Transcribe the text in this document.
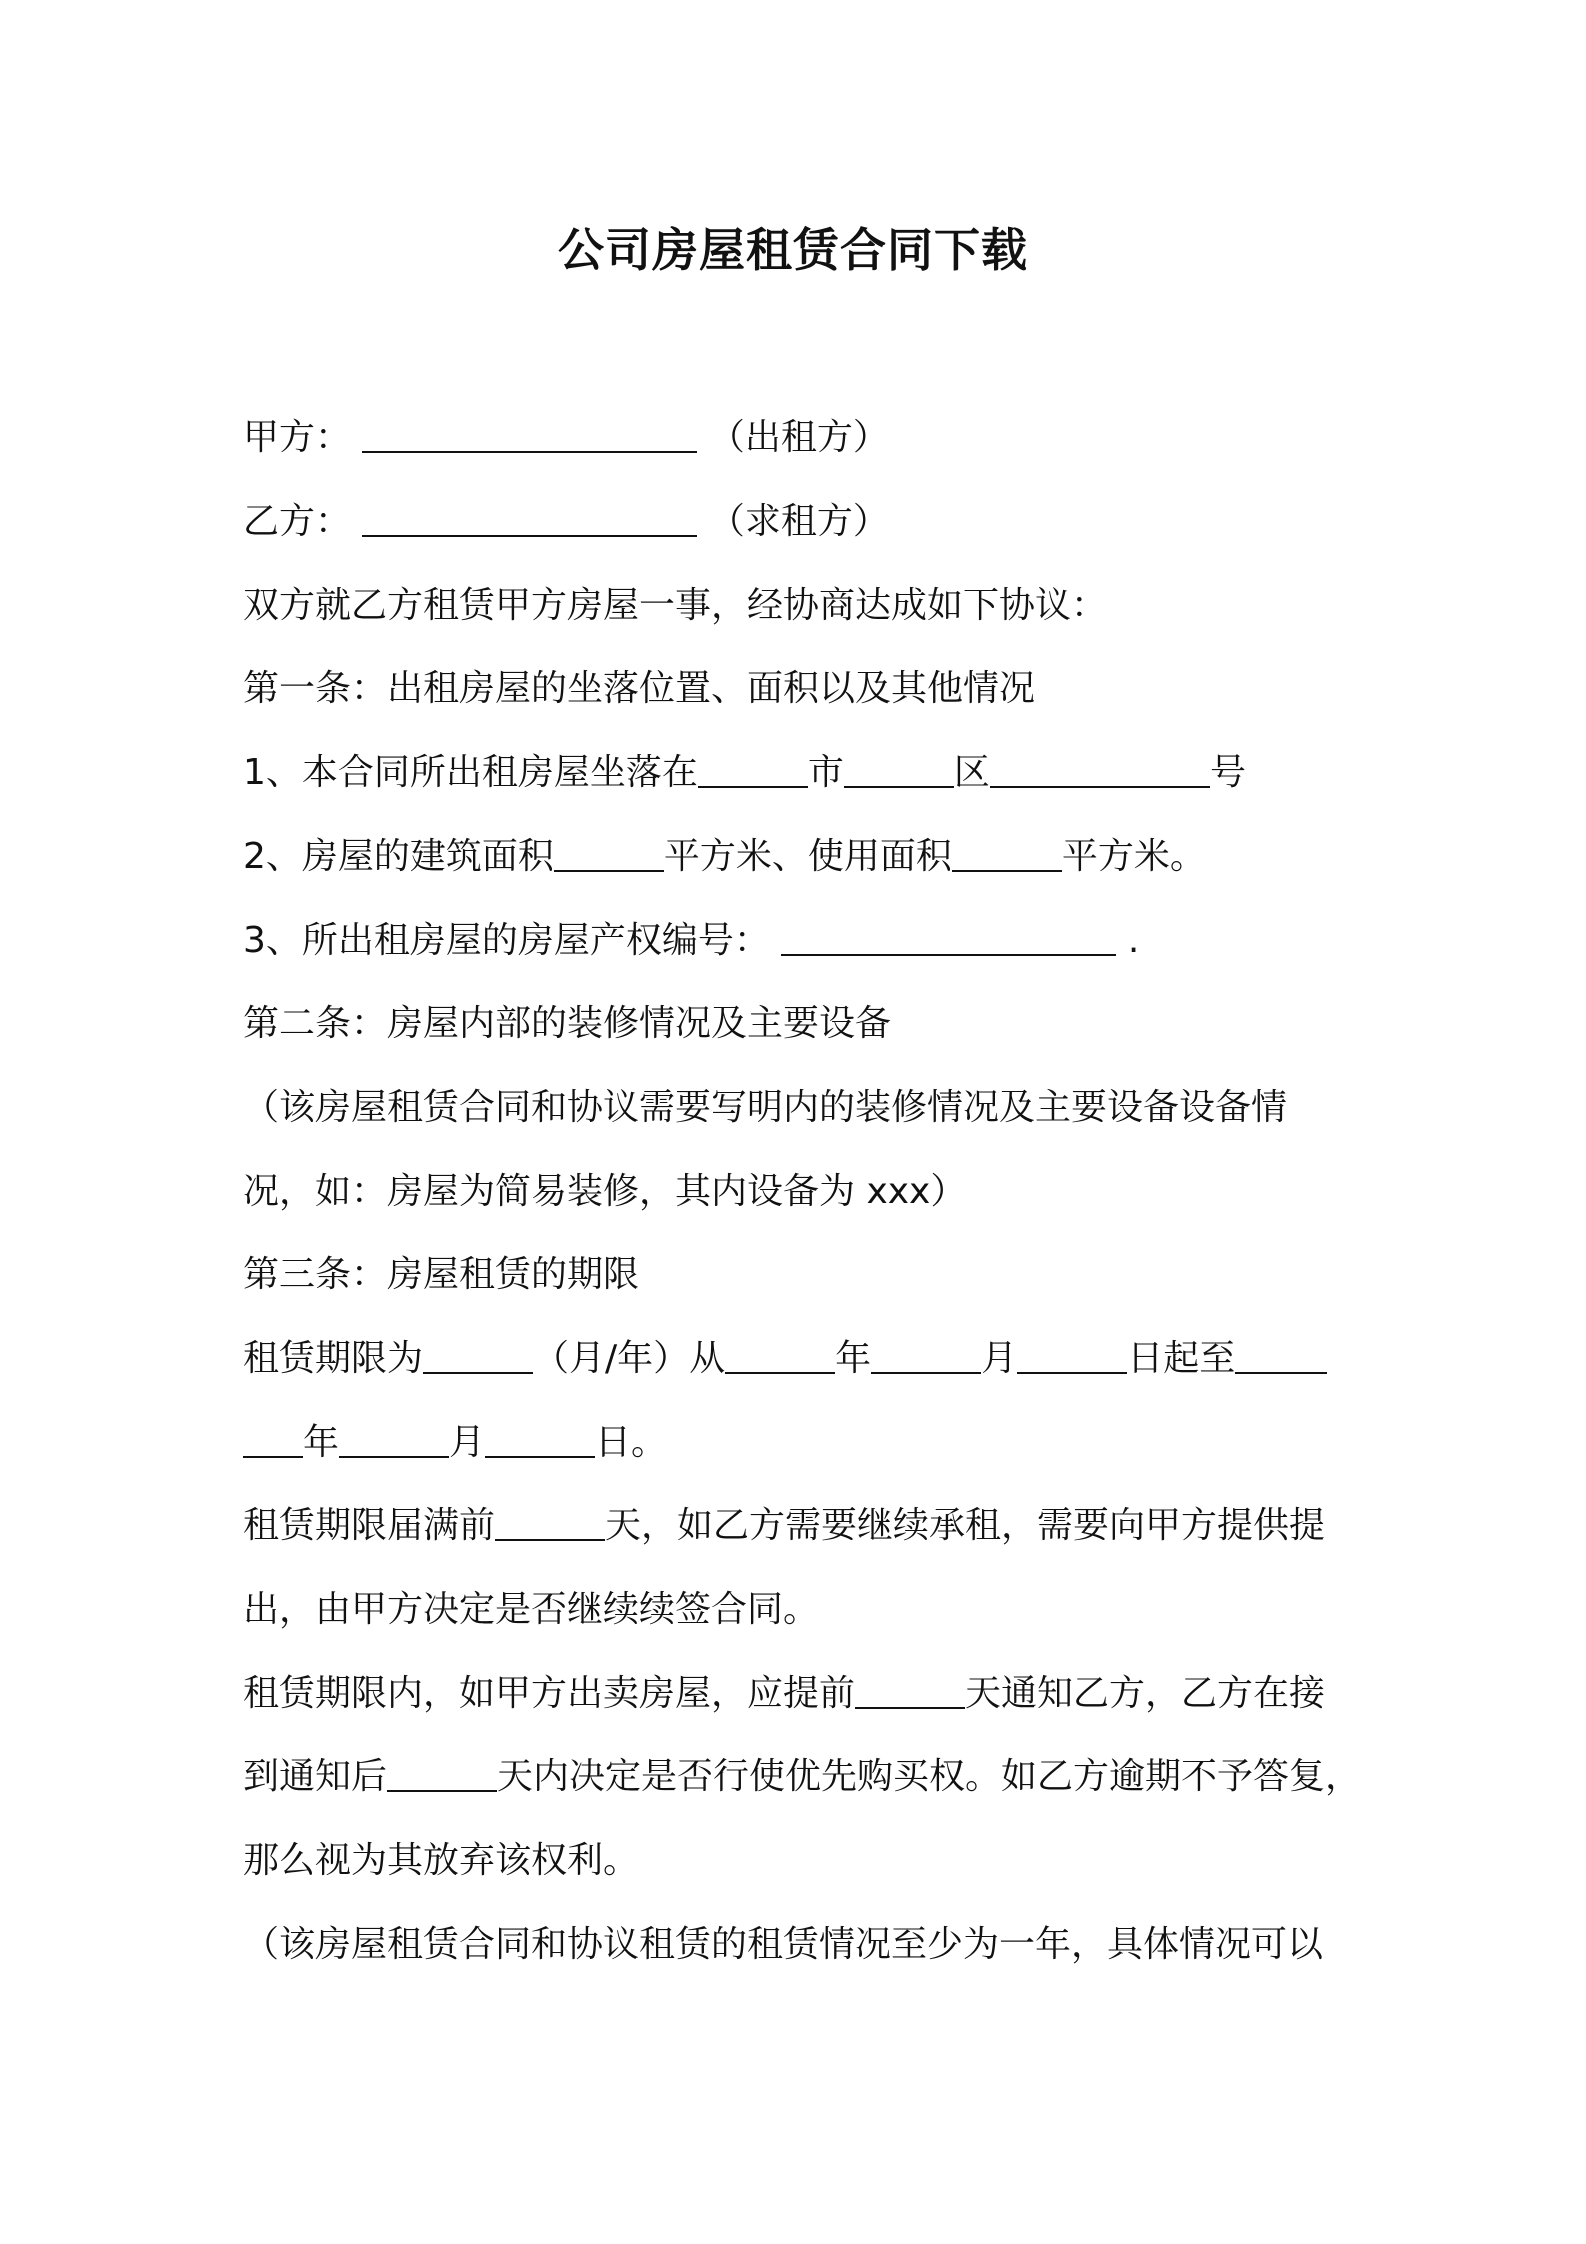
公司房屋租赁合同下载
甲方：	（出租方）
乙方：	（求租方）
双方就乙方租赁甲方房屋一事，经协商达成如下协议：
第一条：出租房屋的坐落位置、面积以及其他情况
1、本合同所出租房屋坐落在	市	区	号
2、房屋的建筑面积	平方米、使用面积	平方米。
3、所出租房屋的房屋产权编号：	.
第二条：房屋内部的装修情况及主要设备
（该房屋租赁合同和协议需要写明内的装修情况及主要设备设备情
况，如：房屋为简易装修，其内设备为 xxx）
第三条：房屋租赁的期限
租赁期限为	（月/年）从	年	月	日起至
年	月	日。
租赁期限届满前	天，如乙方需要继续承租，需要向甲方提供提
出，由甲方决定是否继续续签合同。
租赁期限内，如甲方出卖房屋，应提前	天通知乙方，乙方在接
到通知后	天内决定是否行使优先购买权。如乙方逾期不予答复，
那么视为其放弃该权利。
（该房屋租赁合同和协议租赁的租赁情况至少为一年，具体情况可以
